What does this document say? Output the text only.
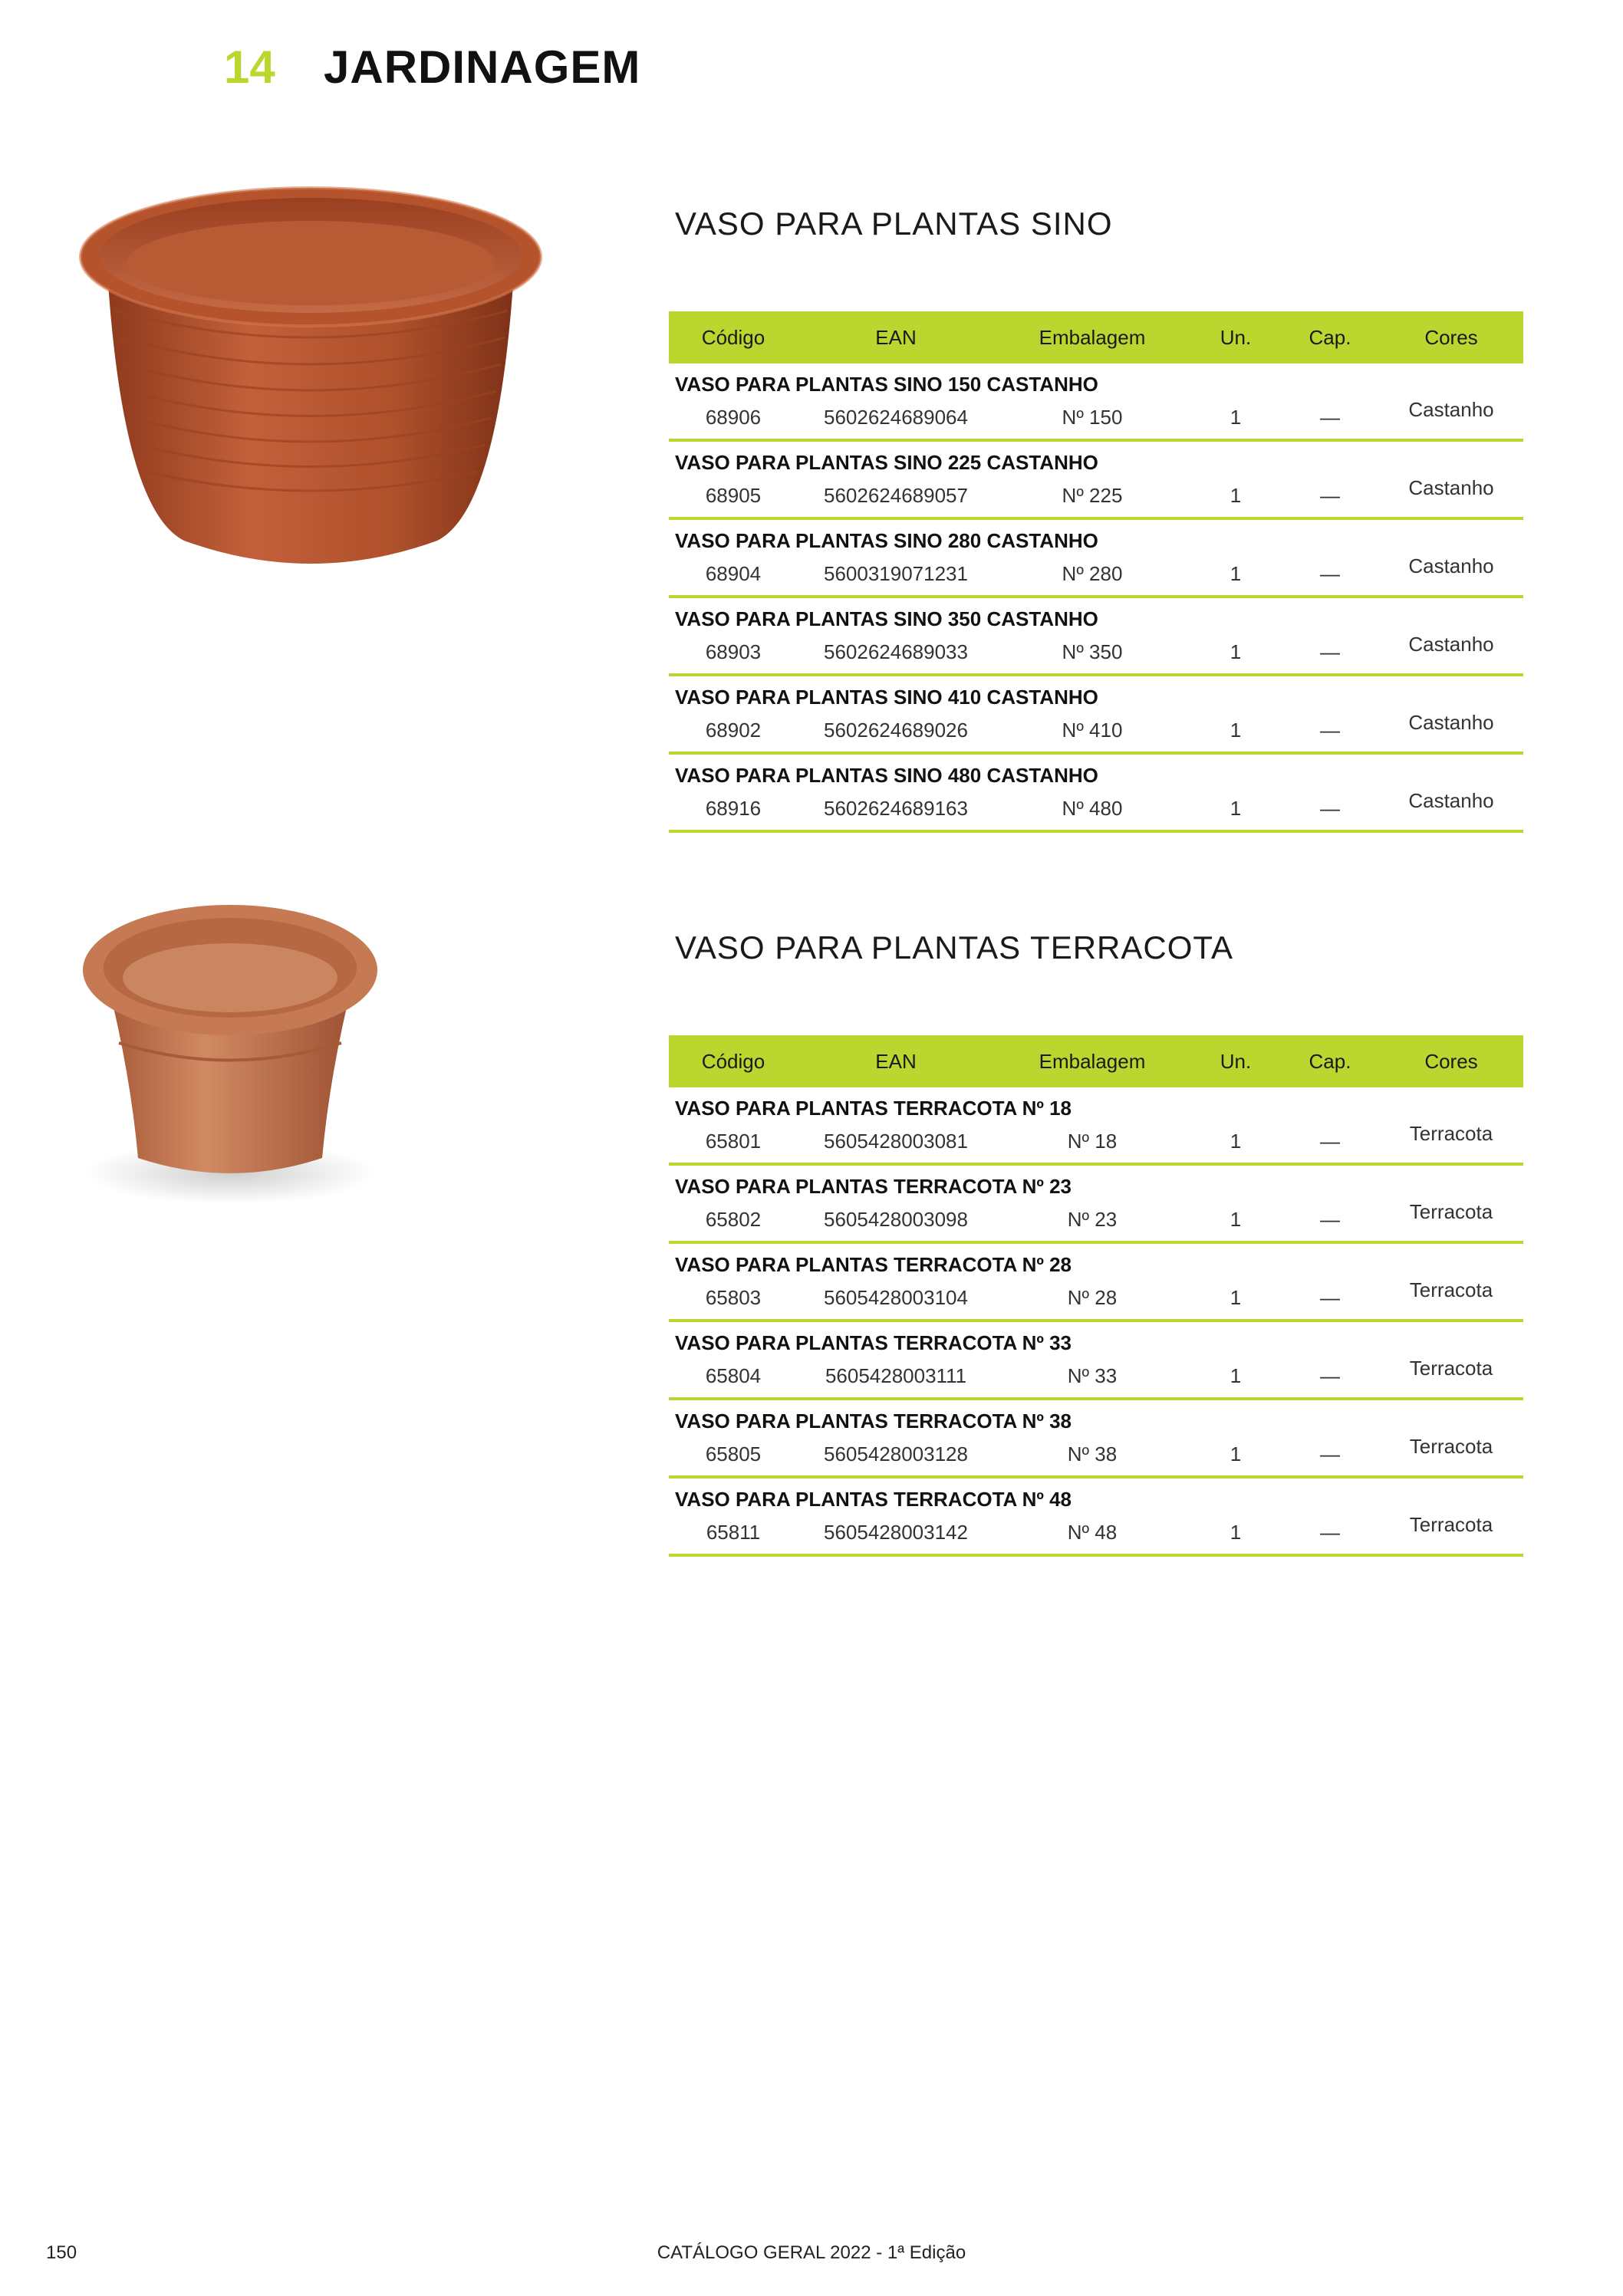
14 JARDINAGEM
VASO PARA PLANTAS SINO
Código	EAN	Embalagem	Un.	Cap.	Cores
VASO PARA PLANTAS SINO 150 CASTANHO
68906	5602624689064	Nº 150	1	—	Castanho
VASO PARA PLANTAS SINO 225 CASTANHO
68905	5602624689057	Nº 225	1	—	Castanho
VASO PARA PLANTAS SINO 280 CASTANHO
68904	5600319071231	Nº 280	1	—	Castanho
VASO PARA PLANTAS SINO 350 CASTANHO
68903	5602624689033	Nº 350	1	—	Castanho
VASO PARA PLANTAS SINO 410 CASTANHO
68902	5602624689026	Nº 410	1	—	Castanho
VASO PARA PLANTAS SINO 480 CASTANHO
68916	5602624689163	Nº 480	1	—	Castanho
VASO PARA PLANTAS TERRACOTA
Código	EAN	Embalagem	Un.	Cap.	Cores
VASO PARA PLANTAS TERRACOTA Nº 18
65801	5605428003081	Nº 18	1	—	Terracota
VASO PARA PLANTAS TERRACOTA Nº 23
65802	5605428003098	Nº 23	1	—	Terracota
VASO PARA PLANTAS TERRACOTA Nº 28
65803	5605428003104	Nº 28	1	—	Terracota
VASO PARA PLANTAS TERRACOTA Nº 33
65804	5605428003111	Nº 33	1	—	Terracota
VASO PARA PLANTAS TERRACOTA Nº 38
65805	5605428003128	Nº 38	1	—	Terracota
VASO PARA PLANTAS TERRACOTA Nº 48
65811	5605428003142	Nº 48	1	—	Terracota
150	CATÁLOGO GERAL 2022 - 1ª Edição
